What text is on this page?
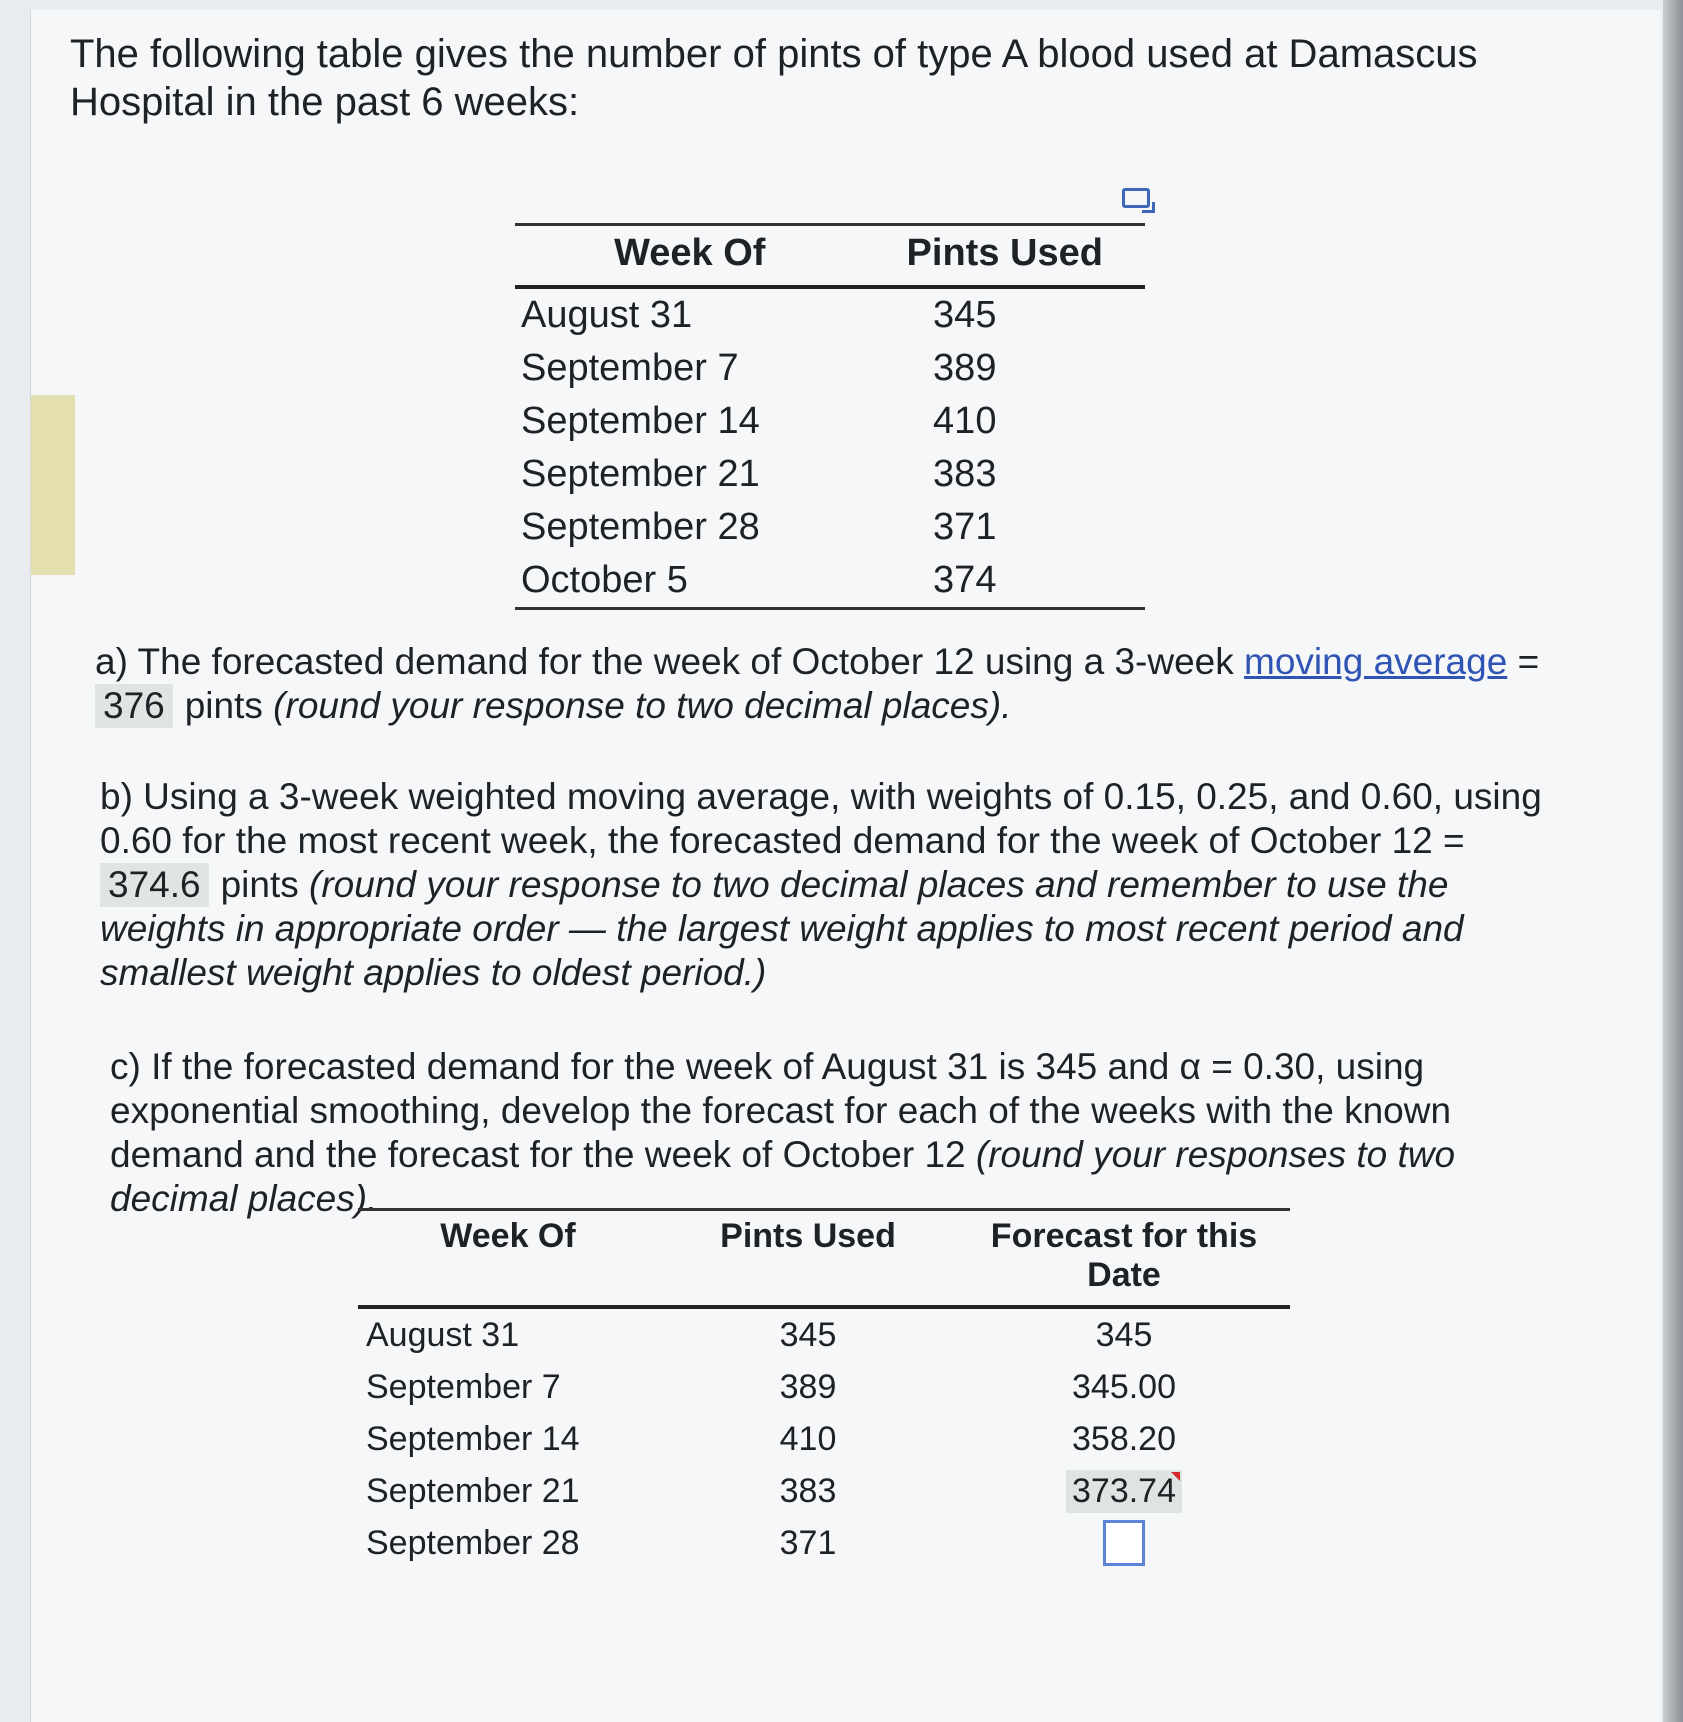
The following table gives the number of pints of type A blood used at Damascus Hospital in the past 6 weeks:
Week Of	Pints Used
August 31	345
September 7	389
September 14	410
September 21	383
September 28	371
October 5	374
a) The forecasted demand for the week of October 12 using a 3-week moving average =
376 pints (round your response to two decimal places).
b) Using a 3-week weighted moving average, with weights of 0.15, 0.25, and 0.60, using 0.60 for the most recent week, the forecasted demand for the week of October 12 =
374.6 pints (round your response to two decimal places and remember to use the weights in appropriate order — the largest weight applies to most recent period and smallest weight applies to oldest period.)
c) If the forecasted demand for the week of August 31 is 345 and α = 0.30, using exponential smoothing, develop the forecast for each of the weeks with the known demand and the forecast for the week of October 12 (round your responses to two decimal places).
Week Of	Pints Used	Forecast for this Date
August 31	345	345
September 7	389	345.00
September 14	410	358.20
September 21	383	373.74

September 28	371	
